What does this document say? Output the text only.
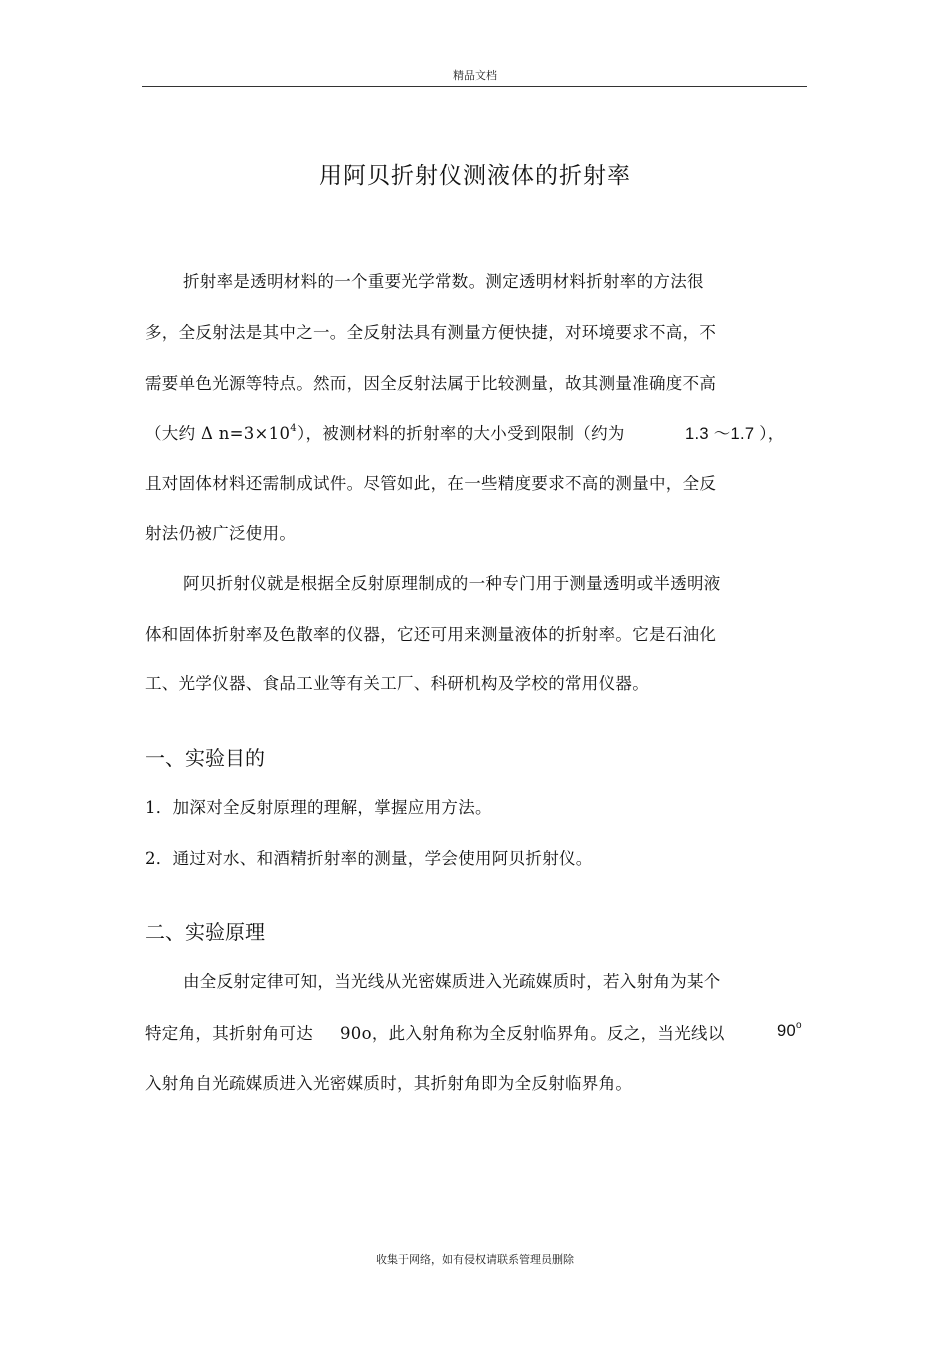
精品文档
用阿贝折射仪测液体的折射率
折射率是透明材料的一个重要光学常数。测定透明材料折射率的方法很
多，全反射法是其中之一。全反射法具有测量方便快捷，对环境要求不高，不
需要单色光源等特点。然而，因全反射法属于比较测量，故其测量准确度不高
（大约 Δ $n=3\times 10^4$），被测材料的折射率的大小受到限制（约为	1.3 ～1.7 ），
且对固体材料还需制成试件。尽管如此，在一些精度要求不高的测量中，全反
射法仍被广泛使用。
阿贝折射仪就是根据全反射原理制成的一种专门用于测量透明或半透明液
体和固体折射率及色散率的仪器，它还可用来测量液体的折射率。它是石油化
工、光学仪器、食品工业等有关工厂、科研机构及学校的常用仪器。
一、实验目的
1．加深对全反射原理的理解，掌握应用方法。
2．通过对水、和酒精折射率的测量，学会使用阿贝折射仪。
二、实验原理
由全反射定律可知，当光线从光密媒质进入光疏媒质时，若入射角为某个
特定角，其折射角可达 90o，此入射角称为全反射临界角。反之，当光线以	90$^o$
入射角自光疏媒质进入光密媒质时，其折射角即为全反射临界角。
收集于网络，如有侵权请联系管理员删除
